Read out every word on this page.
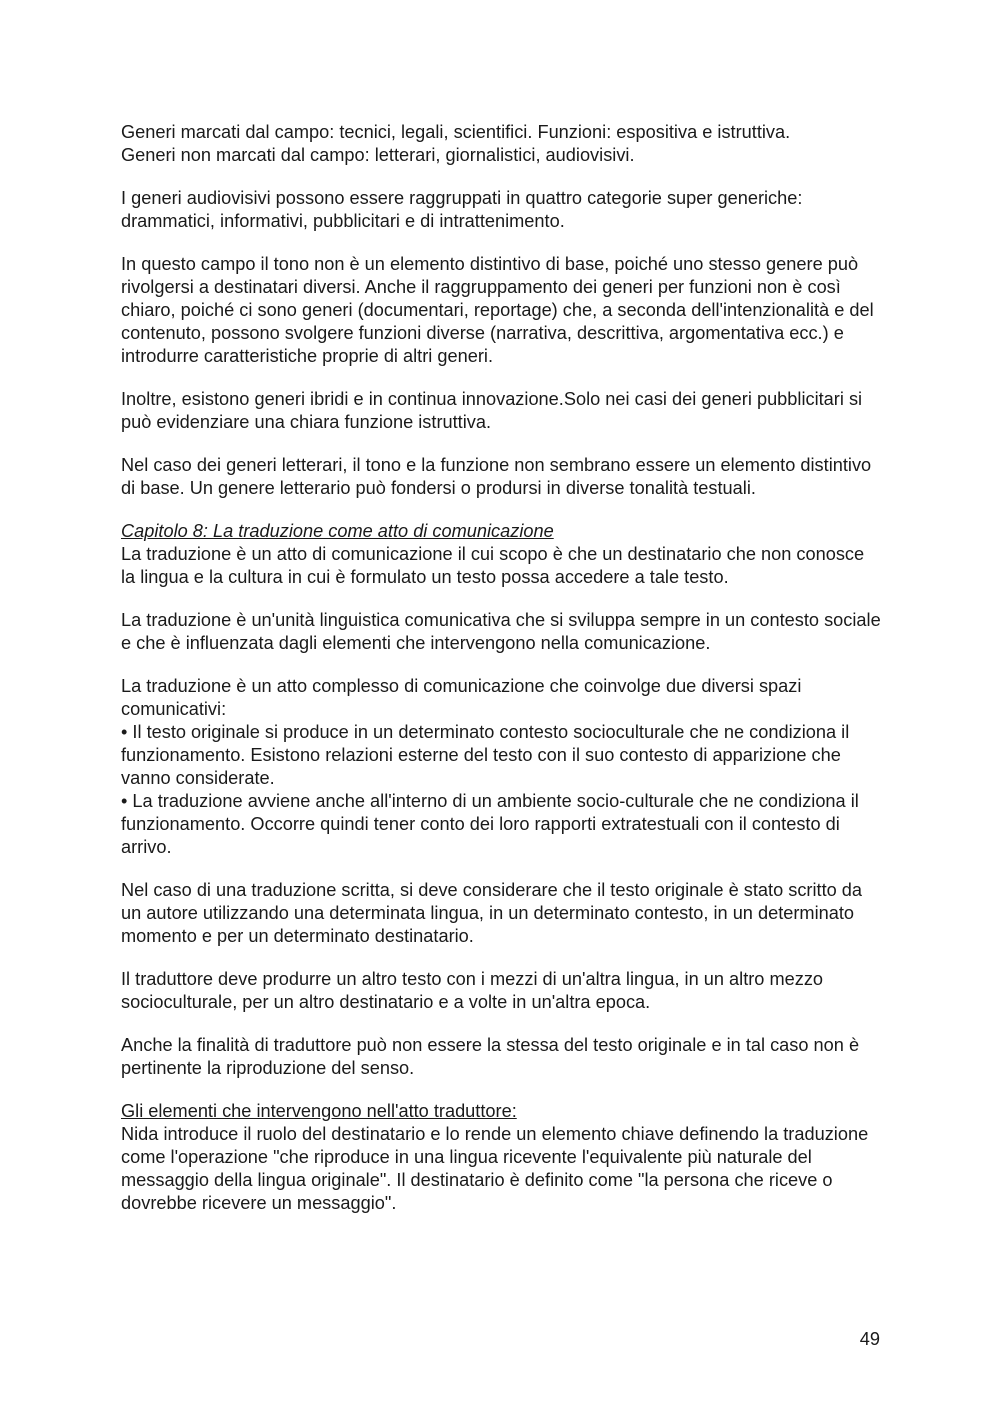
Generi marcati dal campo: tecnici, legali, scientifici. Funzioni: espositiva e istruttiva.
Generi non marcati dal campo: letterari, giornalistici, audiovisivi.

I generi audiovisivi possono essere raggruppati in quattro categorie super generiche: drammatici, informativi, pubblicitari e di intrattenimento.

In questo campo il tono non è un elemento distintivo di base, poiché uno stesso genere può rivolgersi a destinatari diversi. Anche il raggruppamento dei generi per funzioni non è così chiaro, poiché ci sono generi (documentari, reportage) che, a seconda dell'intenzionalità e del contenuto, possono svolgere funzioni diverse (narrativa, descrittiva, argomentativa ecc.) e introdurre caratteristiche proprie di altri generi.

Inoltre, esistono generi ibridi e in continua innovazione.Solo nei casi dei generi pubblicitari si può evidenziare una chiara funzione istruttiva.

Nel caso dei generi letterari, il tono e la funzione non sembrano essere un elemento distintivo di base. Un genere letterario può fondersi o prodursi in diverse tonalità testuali.

Capitolo 8: La traduzione come atto di comunicazione
La traduzione è un atto di comunicazione il cui scopo è che un destinatario che non conosce la lingua e la cultura in cui è formulato un testo possa accedere a tale testo.

La traduzione è un'unità linguistica comunicativa che si sviluppa sempre in un contesto sociale e che è influenzata dagli elementi che intervengono nella comunicazione.

La traduzione è un atto complesso di comunicazione che coinvolge due diversi spazi comunicativi:
• Il testo originale si produce in un determinato contesto socioculturale che ne condiziona il funzionamento. Esistono relazioni esterne del testo con il suo contesto di apparizione che vanno considerate.
• La traduzione avviene anche all'interno di un ambiente socio-culturale che ne condiziona il funzionamento. Occorre quindi tener conto dei loro rapporti extratestuali con il contesto di arrivo.

Nel caso di una traduzione scritta, si deve considerare che il testo originale è stato scritto da un autore utilizzando una determinata lingua, in un determinato contesto, in un determinato momento e per un determinato destinatario.

Il traduttore deve produrre un altro testo con i mezzi di un'altra lingua, in un altro mezzo socioculturale, per un altro destinatario e a volte in un'altra epoca.

Anche la finalità di traduttore può non essere la stessa del testo originale e in tal caso non è pertinente la riproduzione del senso.

Gli elementi che intervengono nell'atto traduttore:
Nida introduce il ruolo del destinatario e lo rende un elemento chiave definendo la traduzione come l'operazione "che riproduce in una lingua ricevente l'equivalente più naturale del messaggio della lingua originale". Il destinatario è definito come "la persona che riceve o dovrebbe ricevere un messaggio".

49
